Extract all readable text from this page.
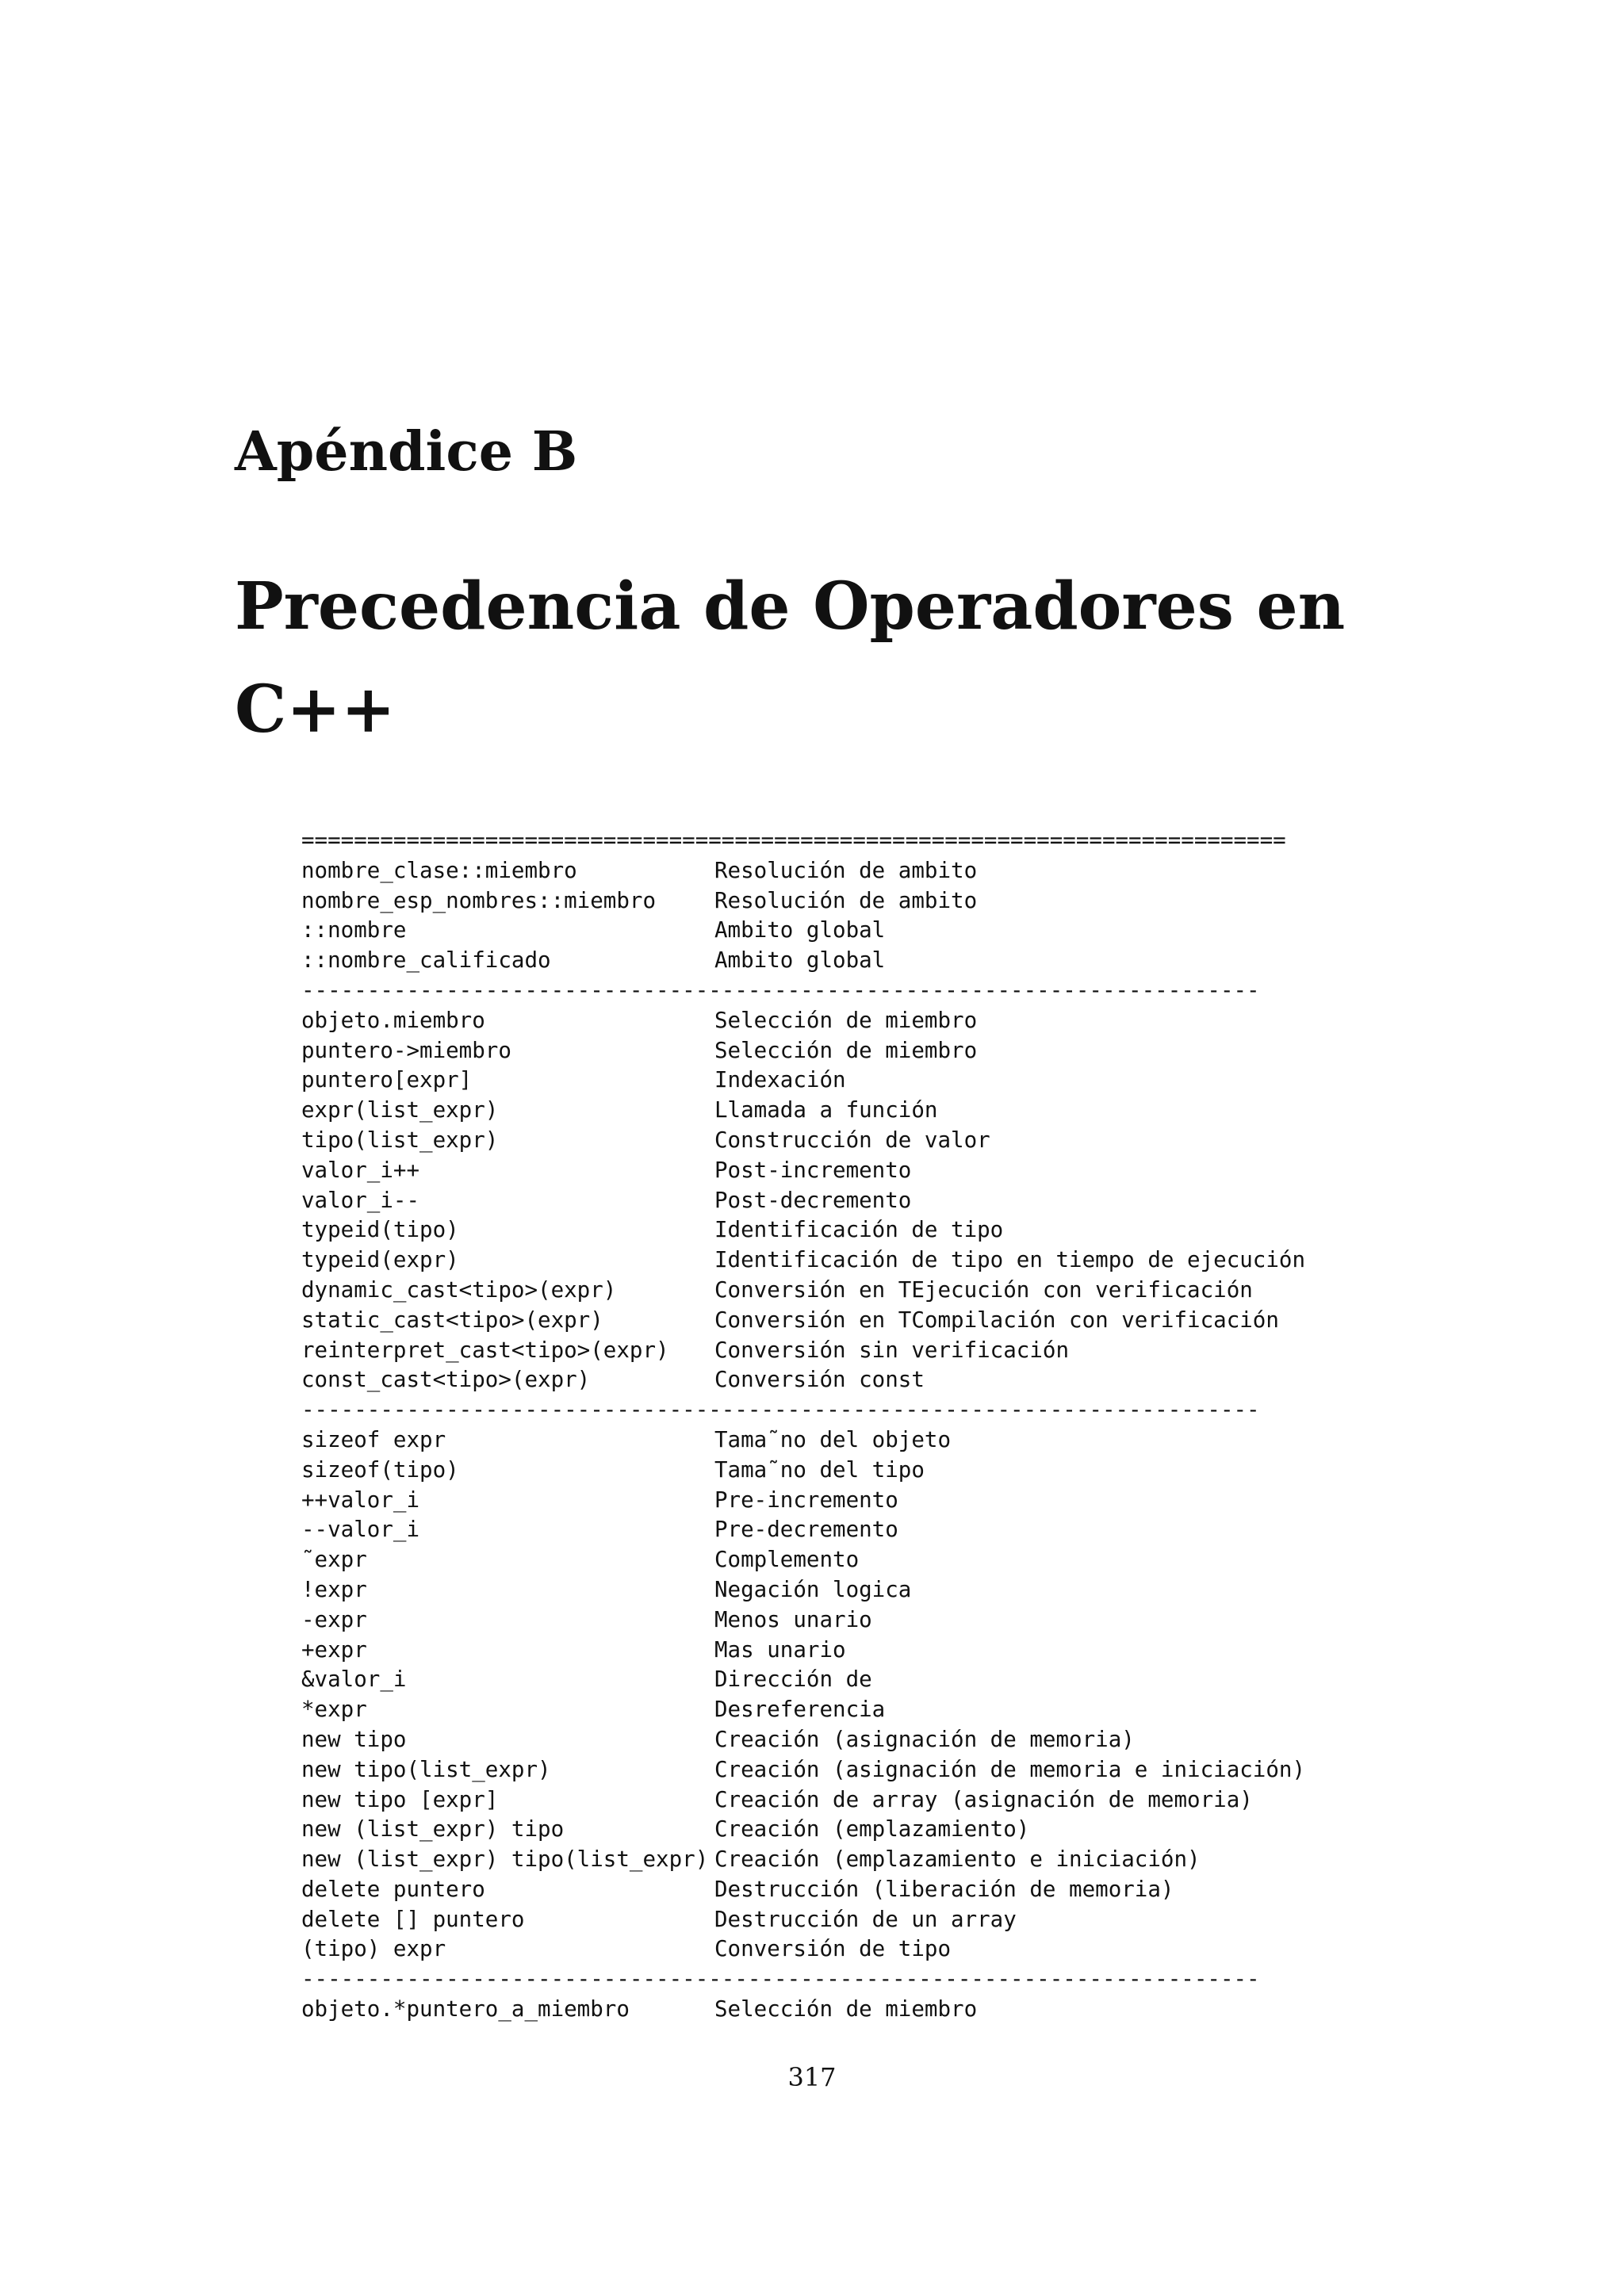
Apéndice B
Precedencia de Operadores en C++
===========================================================================
nombre_clase::miembro	Resolución de ambito
nombre_esp_nombres::miembro	Resolución de ambito
::nombre	Ambito global
::nombre_calificado	Ambito global
-------------------------------------------------------------------------
objeto.miembro	Selección de miembro
puntero->miembro	Selección de miembro
puntero[expr]	Indexación
expr(list_expr)	Llamada a función
tipo(list_expr)	Construcción de valor
valor_i++	Post-incremento
valor_i--	Post-decremento
typeid(tipo)	Identificación de tipo
typeid(expr)	Identificación de tipo en tiempo de ejecución
dynamic_cast<tipo>(expr)	Conversión en TEjecución con verificación
static_cast<tipo>(expr)	Conversión en TCompilación con verificación
reinterpret_cast<tipo>(expr) Conversión sin verificación
const_cast<tipo>(expr)	Conversión const
-------------------------------------------------------------------------
sizeof expr	Tama˜no del objeto
sizeof(tipo)	Tama˜no del tipo
++valor_i	Pre-incremento
--valor_i	Pre-decremento
˜expr	Complemento
!expr	Negación logica
-expr	Menos unario
+expr	Mas unario
&valor_i	Dirección de
*expr	Desreferencia
new tipo	Creación (asignación de memoria)
new tipo(list_expr)	Creación (asignación de memoria e iniciación)
new tipo [expr]	Creación de array (asignación de memoria)
new (list_expr) tipo	Creación (emplazamiento)
new (list_expr) tipo(list_expr) Creación (emplazamiento e iniciación)
delete puntero	Destrucción (liberación de memoria)
delete [] puntero	Destrucción de un array
(tipo) expr	Conversión de tipo
-------------------------------------------------------------------------
objeto.*puntero_a_miembro	Selección de miembro
317
